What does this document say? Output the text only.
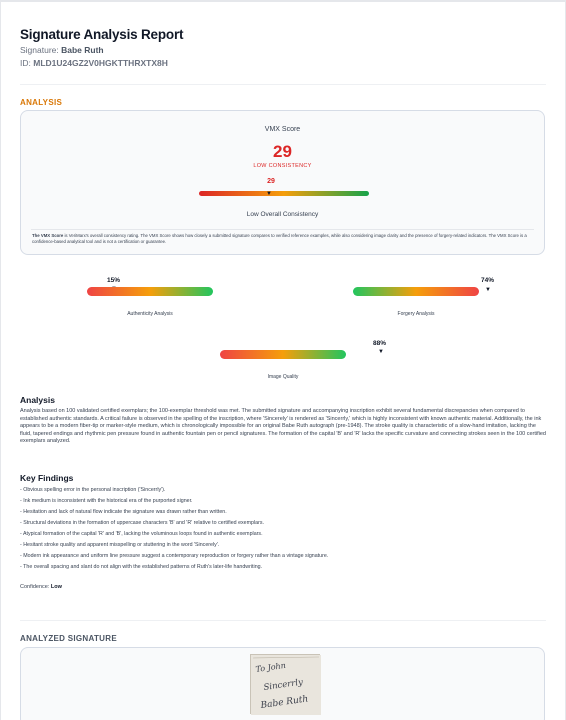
Signature Analysis Report
Signature: Babe Ruth
ID: MLD1U24GZ2V0HGKTTHRXTX8H
ANALYSIS
VMX Score
29
LOW CONSISTENCY
29
▼
Low Overall Consistency
The VMX Score is VeriMarx's overall consistency rating. The VMX Score shows how closely a submitted signature compares to verified reference examples, while also considering image clarity and the presence of forgery-related indicators. The VMX Score is a confidence-based analytical tool and is not a certification or guarantee.
15%
Authenticity Analysis
74%
▼
Forgery Analysis
88%
▼
Image Quality
Analysis
Analysis based on 100 validated certified exemplars; the 100-exemplar threshold was met. The submitted signature and accompanying inscription exhibit several fundamental discrepancies when compared to established authentic standards. A critical failure is observed in the spelling of the inscription, where 'Sincerely' is rendered as 'Sincerrly,' which is highly inconsistent with known authentic material. Additionally, the ink appears to be a modern fiber-tip or marker-style medium, which is chronologically impossible for an original Babe Ruth autograph (pre-1948). The stroke quality is characteristic of a slow-hand imitation, lacking the fluid, tapered endings and rhythmic pen pressure found in authentic fountain pen or pencil signatures. The formation of the capital 'B' and 'R' lacks the specific curvature and connecting strokes seen in the 100 certified exemplars analyzed.
Key Findings
- Obvious spelling error in the personal inscription ('Sincerrly').
- Ink medium is inconsistent with the historical era of the purported signer.
- Hesitation and lack of natural flow indicate the signature was drawn rather than written.
- Structural deviations in the formation of uppercase characters 'B' and 'R' relative to certified exemplars.
- Atypical formation of the capital 'R' and 'B', lacking the voluminous loops found in authentic exemplars.
- Hesitant stroke quality and apparent misspelling or stuttering in the word 'Sincerely'.
- Modern ink appearance and uniform line pressure suggest a contemporary reproduction or forgery rather than a vintage signature.
- The overall spacing and slant do not align with the established patterns of Ruth's later-life handwriting.
Confidence: Low
ANALYZED SIGNATURE
To John
Sincerrly
Babe Ruth
